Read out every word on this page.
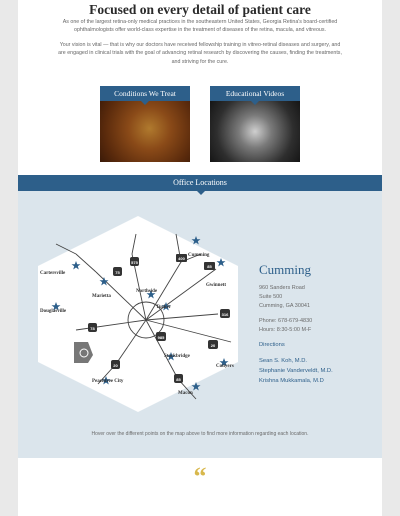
Focused on every detail of patient care

As one of the largest retina-only medical practices in the southeastern United States, Georgia Retina's board-certified ophthalmologists offer world-class expertise in the treatment of diseases of the retina, macula, and vitreous.

Your vision is vital — that is why our doctors have received fellowship training in vitreo-retinal diseases and surgery, and are engaged in clinical trials with the goal of advancing retinal research by discovering the causes, finding the treatments, and striving for the cure.

Conditions We Treat	Educational Videos
Office Locations
Cartersville
Cumming
Gwinnett
Marietta
Northside
Douglasville
Tucker
Stockbridge
Conyers
Peachtree City
Macon
75
575
400
85
316
985
78
20
20
85
Cumming
960 Sanders Road
Suite 500
Cumming, GA 30041
Phone: 678-679-4830
Hours: 8:30-5:00 M-F
Directions
Sean S. Koh, M.D.
Stephanie Vanderveldt, M.D.
Krishna Mukkamala, M.D
Hover over the different points on the map above to find more information regarding each location.
“
